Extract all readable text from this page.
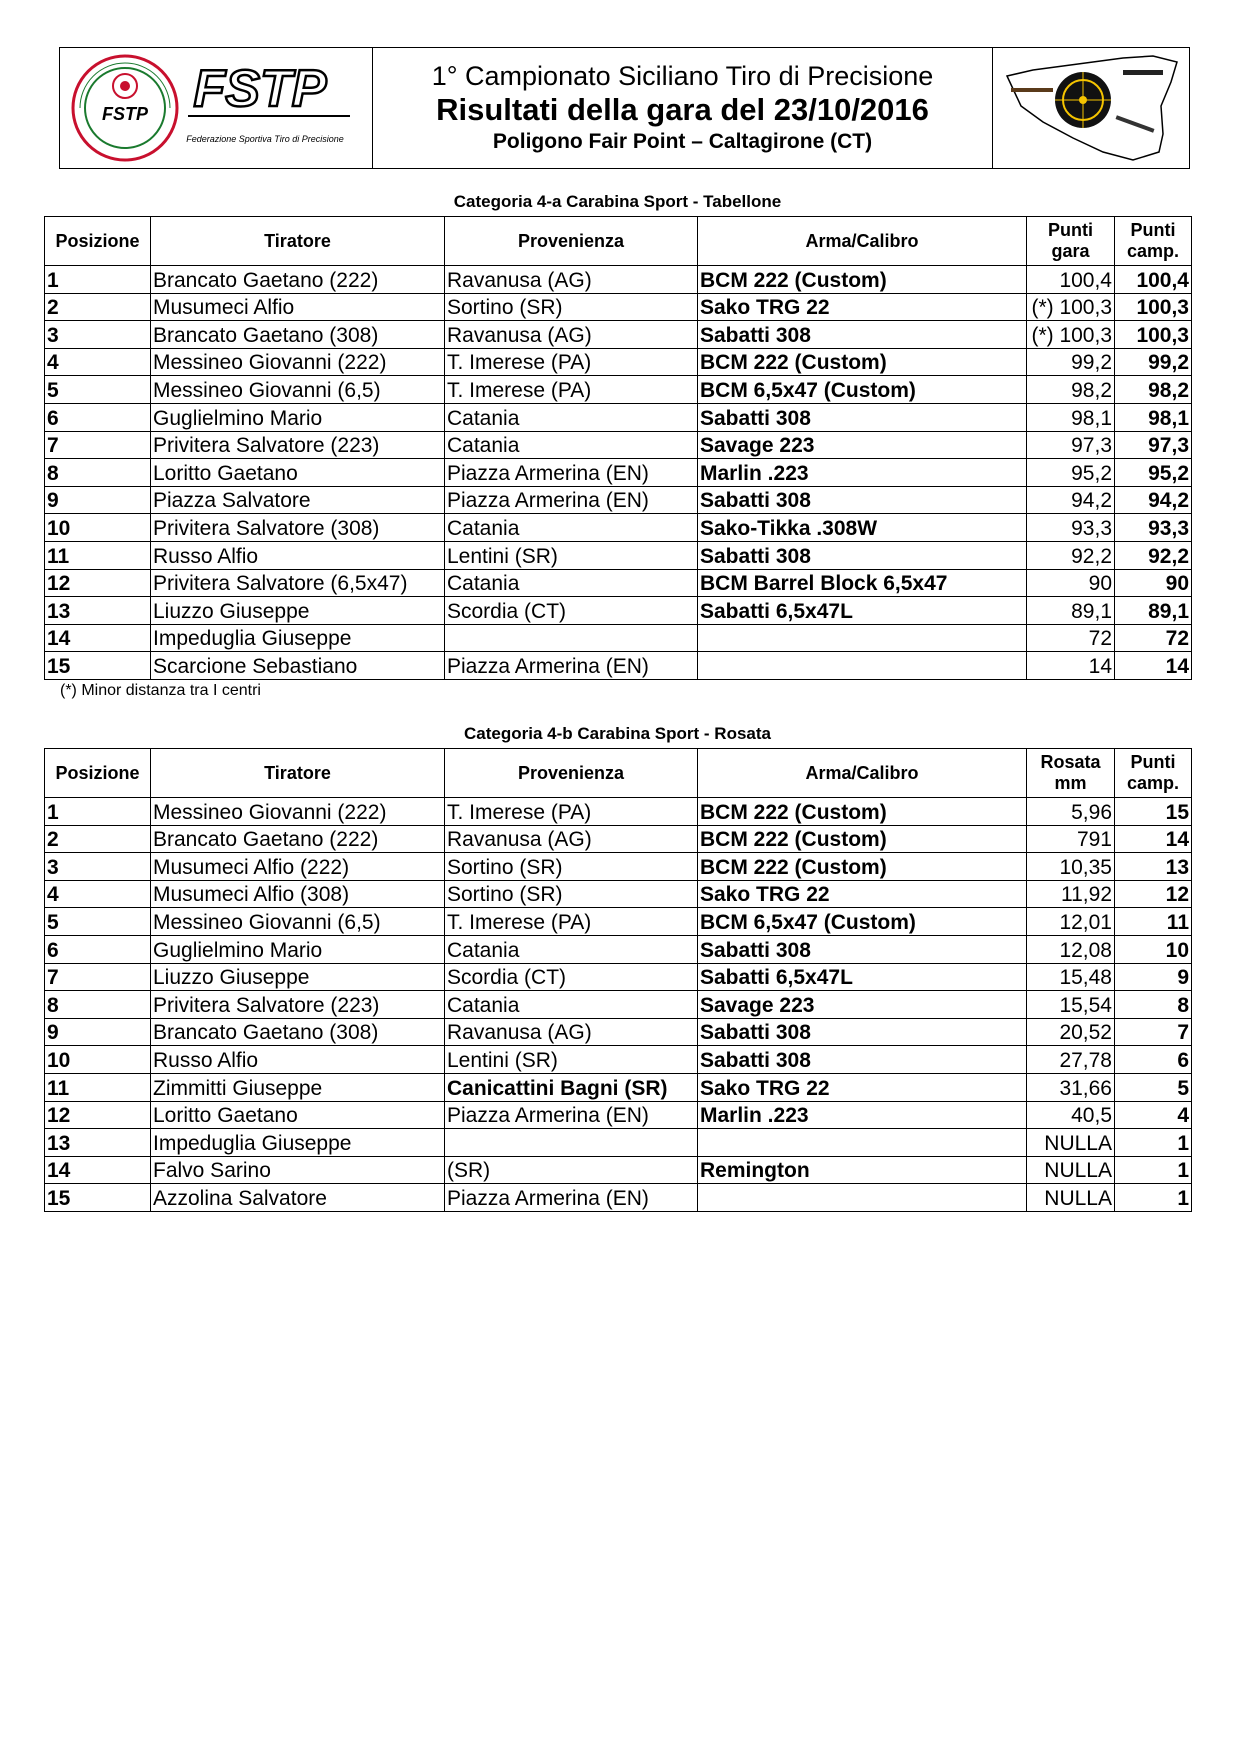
FSTP FSTP
Federazione Sportiva Tiro di Precisione
1° Campionato Siciliano Tiro di Precisione
Risultati della gara del 23/10/2016
Poligono Fair Point – Caltagirone (CT)
Categoria 4-a Carabina Sport - Tabellone
Posizione	Tiratore	Provenienza	Arma/Calibro	Punti gara	Punti camp.
1	Brancato Gaetano (222)	Ravanusa (AG)	BCM 222 (Custom)	100,4	100,4
2	Musumeci Alfio	Sortino (SR)	Sako TRG 22	(*) 100,3	100,3
3	Brancato Gaetano (308)	Ravanusa (AG)	Sabatti 308	(*) 100,3	100,3
4	Messineo Giovanni (222)	T. Imerese (PA)	BCM 222 (Custom)	99,2	99,2
5	Messineo Giovanni (6,5)	T. Imerese (PA)	BCM 6,5x47 (Custom)	98,2	98,2
6	Guglielmino Mario	Catania	Sabatti 308	98,1	98,1
7	Privitera Salvatore (223)	Catania	Savage 223	97,3	97,3
8	Loritto Gaetano	Piazza Armerina (EN)	Marlin .223	95,2	95,2
9	Piazza Salvatore	Piazza Armerina (EN)	Sabatti 308	94,2	94,2
10	Privitera Salvatore (308)	Catania	Sako-Tikka .308W	93,3	93,3
11	Russo Alfio	Lentini (SR)	Sabatti 308	92,2	92,2
12	Privitera Salvatore (6,5x47)	Catania	BCM Barrel Block 6,5x47	90	90
13	Liuzzo Giuseppe	Scordia (CT)	Sabatti 6,5x47L	89,1	89,1
14	Impeduglia Giuseppe			72	72
15	Scarcione Sebastiano	Piazza Armerina (EN)		14	14
(*) Minor distanza tra I centri
Categoria 4-b Carabina Sport - Rosata
Posizione	Tiratore	Provenienza	Arma/Calibro	Rosata mm	Punti camp.
1	Messineo Giovanni (222)	T. Imerese (PA)	BCM 222 (Custom)	5,96	15
2	Brancato Gaetano (222)	Ravanusa (AG)	BCM 222 (Custom)	791	14
3	Musumeci Alfio (222)	Sortino (SR)	BCM 222 (Custom)	10,35	13
4	Musumeci Alfio (308)	Sortino (SR)	Sako TRG 22	11,92	12
5	Messineo Giovanni (6,5)	T. Imerese (PA)	BCM 6,5x47 (Custom)	12,01	11
6	Guglielmino Mario	Catania	Sabatti 308	12,08	10
7	Liuzzo Giuseppe	Scordia (CT)	Sabatti 6,5x47L	15,48	9
8	Privitera Salvatore (223)	Catania	Savage 223	15,54	8
9	Brancato Gaetano (308)	Ravanusa (AG)	Sabatti 308	20,52	7
10	Russo Alfio	Lentini (SR)	Sabatti 308	27,78	6
11	Zimmitti Giuseppe	Canicattini Bagni (SR)	Sako TRG 22	31,66	5
12	Loritto Gaetano	Piazza Armerina (EN)	Marlin .223	40,5	4
13	Impeduglia Giuseppe			NULLA	1
14	Falvo Sarino	(SR)	Remington	NULLA	1
15	Azzolina Salvatore	Piazza Armerina (EN)		NULLA	1
